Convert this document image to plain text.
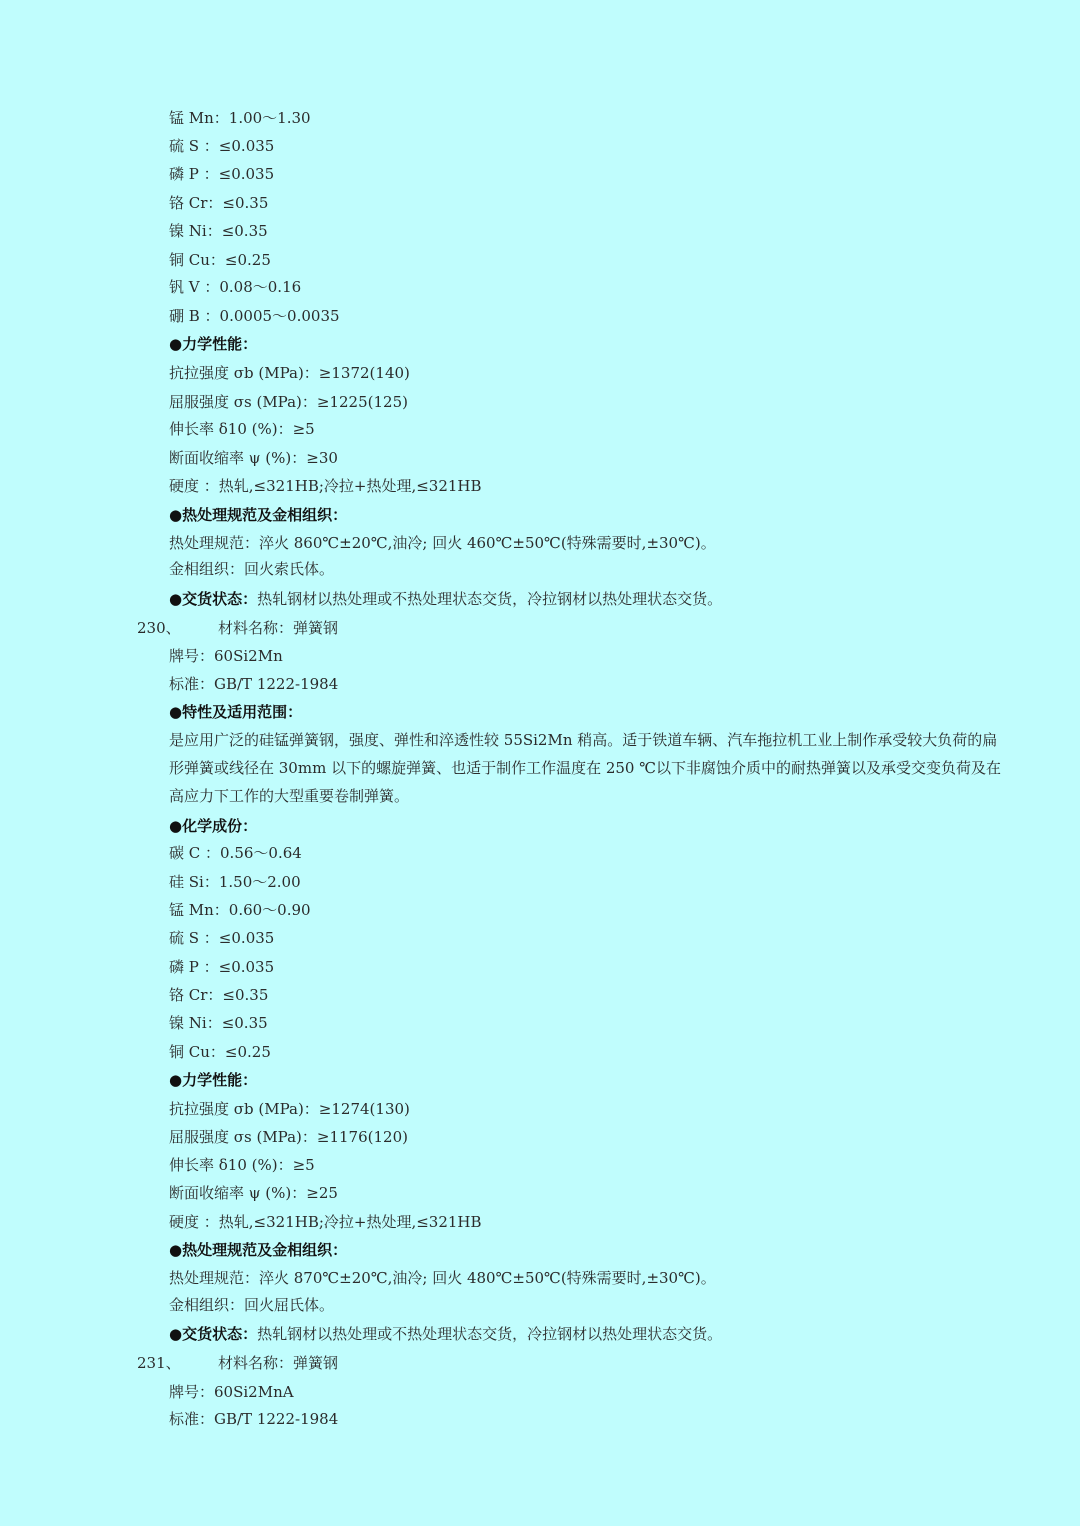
锰 Mn：1.00～1.30
硫 S ：≤0.035
磷 P ：≤0.035
铬 Cr：≤0.35
镍 Ni：≤0.35
铜 Cu：≤0.25
钒 V ：0.08～0.16
硼 B ：0.0005～0.0035
●力学性能：
抗拉强度 σb (MPa)：≥1372(140)
屈服强度 σs (MPa)：≥1225(125)
伸长率 δ10 (%)：≥5
断面收缩率 ψ (%)：≥30
硬度 ：热轧,≤321HB;冷拉+热处理,≤321HB
●热处理规范及金相组织：
热处理规范：淬火 860℃±20℃,油冷; 回火 460℃±50℃(特殊需要时,±30℃)。
金相组织：回火索氏体。
●交货状态：热轧钢材以热处理或不热处理状态交货，冷拉钢材以热处理状态交货。
230、 材料名称：弹簧钢
牌号：60Si2Mn
标准：GB/T 1222-1984
●特性及适用范围：
是应用广泛的硅锰弹簧钢，强度、弹性和淬透性较 55Si2Mn 稍高。适于铁道车辆、汽车拖拉机工业上制作承受较大负荷的扁形弹簧或线径在 30mm 以下的螺旋弹簧、也适于制作工作温度在 250 ℃以下非腐蚀介质中的耐热弹簧以及承受交变负荷及在高应力下工作的大型重要卷制弹簧。
●化学成份：
碳 C ：0.56～0.64
硅 Si：1.50～2.00
锰 Mn：0.60～0.90
硫 S ：≤0.035
磷 P ：≤0.035
铬 Cr：≤0.35
镍 Ni：≤0.35
铜 Cu：≤0.25
●力学性能：
抗拉强度 σb (MPa)：≥1274(130)
屈服强度 σs (MPa)：≥1176(120)
伸长率 δ10 (%)：≥5
断面收缩率 ψ (%)：≥25
硬度 ：热轧,≤321HB;冷拉+热处理,≤321HB
●热处理规范及金相组织：
热处理规范：淬火 870℃±20℃,油冷; 回火 480℃±50℃(特殊需要时,±30℃)。
金相组织：回火屈氏体。
●交货状态：热轧钢材以热处理或不热处理状态交货，冷拉钢材以热处理状态交货。
231、 材料名称：弹簧钢
牌号：60Si2MnA
标准：GB/T 1222-1984
